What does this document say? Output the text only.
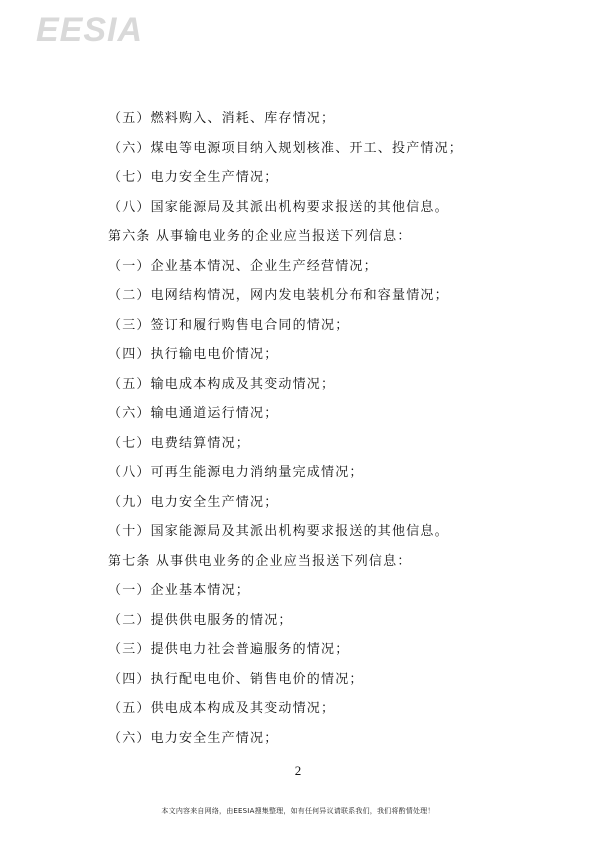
EESIA
（五）燃料购入、消耗、库存情况；
（六）煤电等电源项目纳入规划核准、开工、投产情况；
（七）电力安全生产情况；
（八）国家能源局及其派出机构要求报送的其他信息。
第六条 从事输电业务的企业应当报送下列信息：
（一）企业基本情况、企业生产经营情况；
（二）电网结构情况，网内发电装机分布和容量情况；
（三）签订和履行购售电合同的情况；
（四）执行输电电价情况；
（五）输电成本构成及其变动情况；
（六）输电通道运行情况；
（七）电费结算情况；
（八）可再生能源电力消纳量完成情况；
（九）电力安全生产情况；
（十）国家能源局及其派出机构要求报送的其他信息。
第七条 从事供电业务的企业应当报送下列信息：
（一）企业基本情况；
（二）提供供电服务的情况；
（三）提供电力社会普遍服务的情况；
（四）执行配电电价、销售电价的情况；
（五）供电成本构成及其变动情况；
（六）电力安全生产情况；
2
本文内容来自网络，由EESIA搜集整理，如有任何异议请联系我们，我们将酌情处理！
